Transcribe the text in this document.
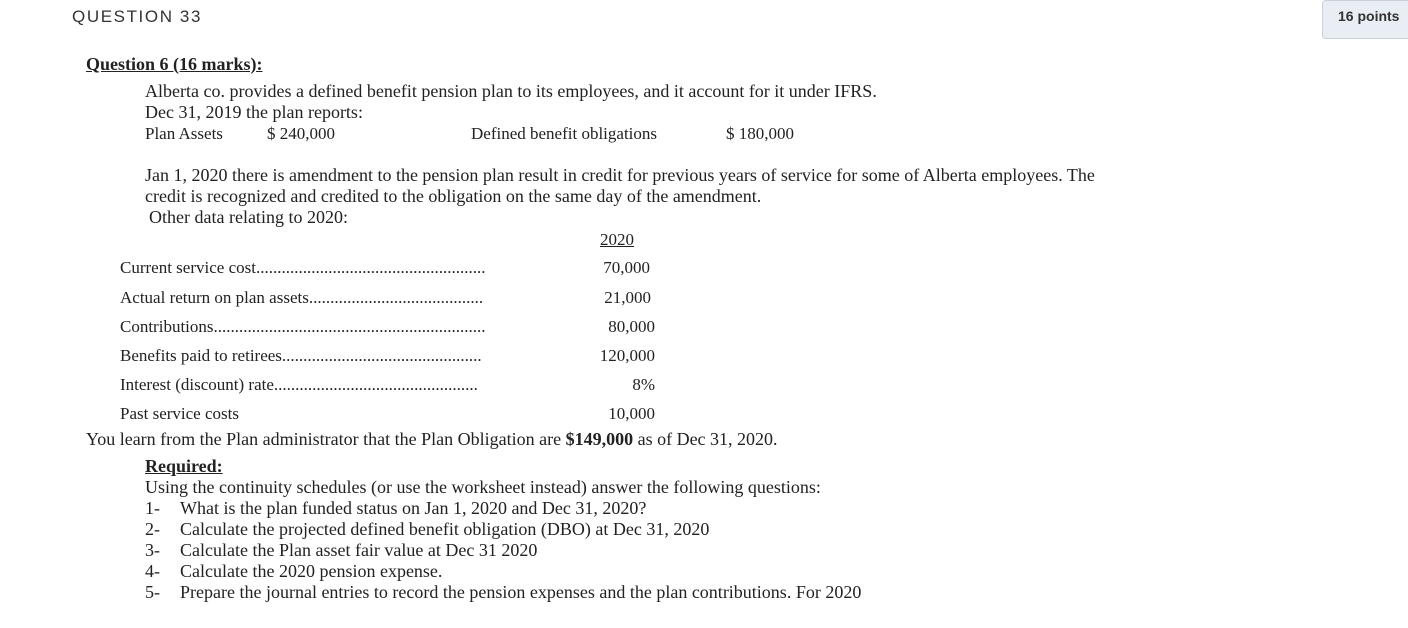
QUESTION 33	16 points
Question 6 (16 marks):
Alberta co. provides a defined benefit pension plan to its employees, and it account for it under IFRS.
Dec 31, 2019 the plan reports:
Plan Assets	$ 240,000	Defined benefit obligations	$ 180,000
Jan 1, 2020 there is amendment to the pension plan result in credit for previous years of service for some of Alberta employees. The
credit is recognized and credited to the obligation on the same day of the amendment.
Other data relating to 2020:
2020
Current service cost......................................................	70,000
Actual return on plan assets.........................................	21,000
Contributions................................................................	80,000
Benefits paid to retirees...............................................	120,000
Interest (discount) rate................................................	8%
Past service costs	10,000
You learn from the Plan administrator that the Plan Obligation are $149,000 as of Dec 31, 2020.
Required:
Using the continuity schedules (or use the worksheet instead) answer the following questions:
1- What is the plan funded status on Jan 1, 2020 and Dec 31, 2020?
2- Calculate the projected defined benefit obligation (DBO) at Dec 31, 2020
3- Calculate the Plan asset fair value at Dec 31 2020
4- Calculate the 2020 pension expense.
5- Prepare the journal entries to record the pension expenses and the plan contributions. For 2020
